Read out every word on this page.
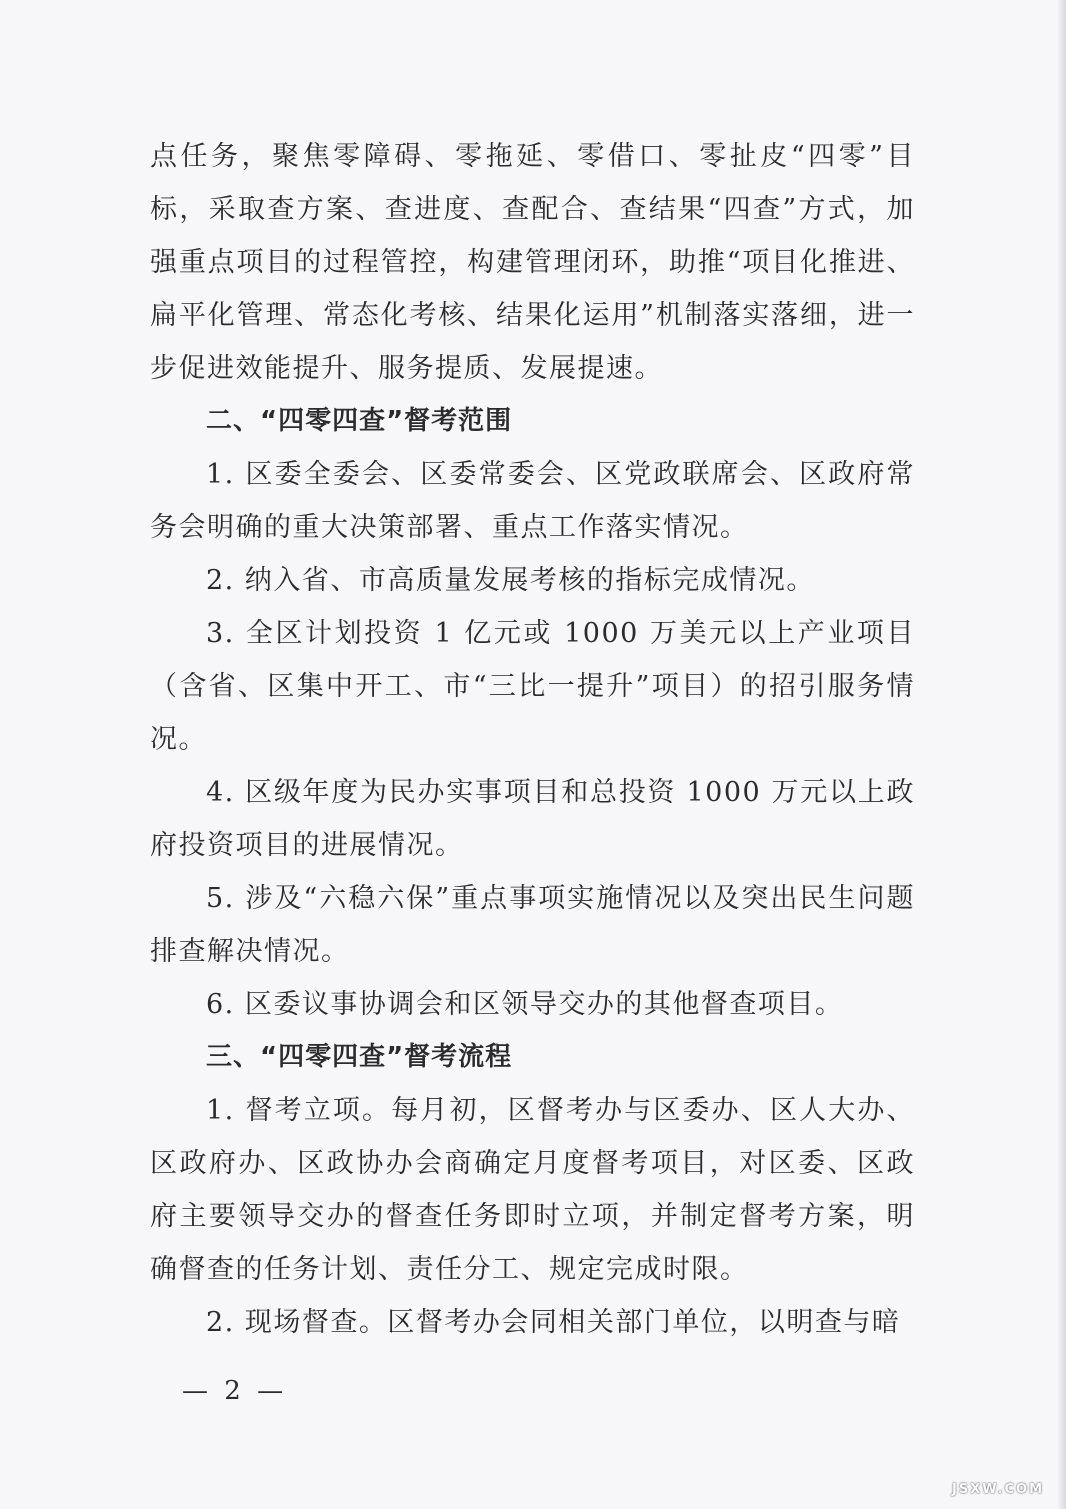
点任务，聚焦零障碍、零拖延、零借口、零扯皮“四零”目标，采取查方案、查进度、查配合、查结果“四查”方式，加强重点项目的过程管控，构建管理闭环，助推“项目化推进、扁平化管理、常态化考核、结果化运用”机制落实落细，进一步促进效能提升、服务提质、发展提速。

二、“四零四查”督考范围

1. 区委全委会、区委常委会、区党政联席会、区政府常务会明确的重大决策部署、重点工作落实情况。

2. 纳入省、市高质量发展考核的指标完成情况。

3. 全区计划投资 1 亿元或 1000 万美元以上产业项目（含省、区集中开工、市“三比一提升”项目）的招引服务情况。

4. 区级年度为民办实事项目和总投资 1000 万元以上政府投资项目的进展情况。

5. 涉及“六稳六保”重点事项实施情况以及突出民生问题排查解决情况。

6. 区委议事协调会和区领导交办的其他督查项目。

三、“四零四查”督考流程

1. 督考立项。每月初，区督考办与区委办、区人大办、区政府办、区政协办会商确定月度督考项目，对区委、区政府主要领导交办的督查任务即时立项，并制定督考方案，明确督查的任务计划、责任分工、规定完成时限。

2. 现场督查。区督考办会同相关部门单位，以明查与暗

— 2 —
JSXW.COM
